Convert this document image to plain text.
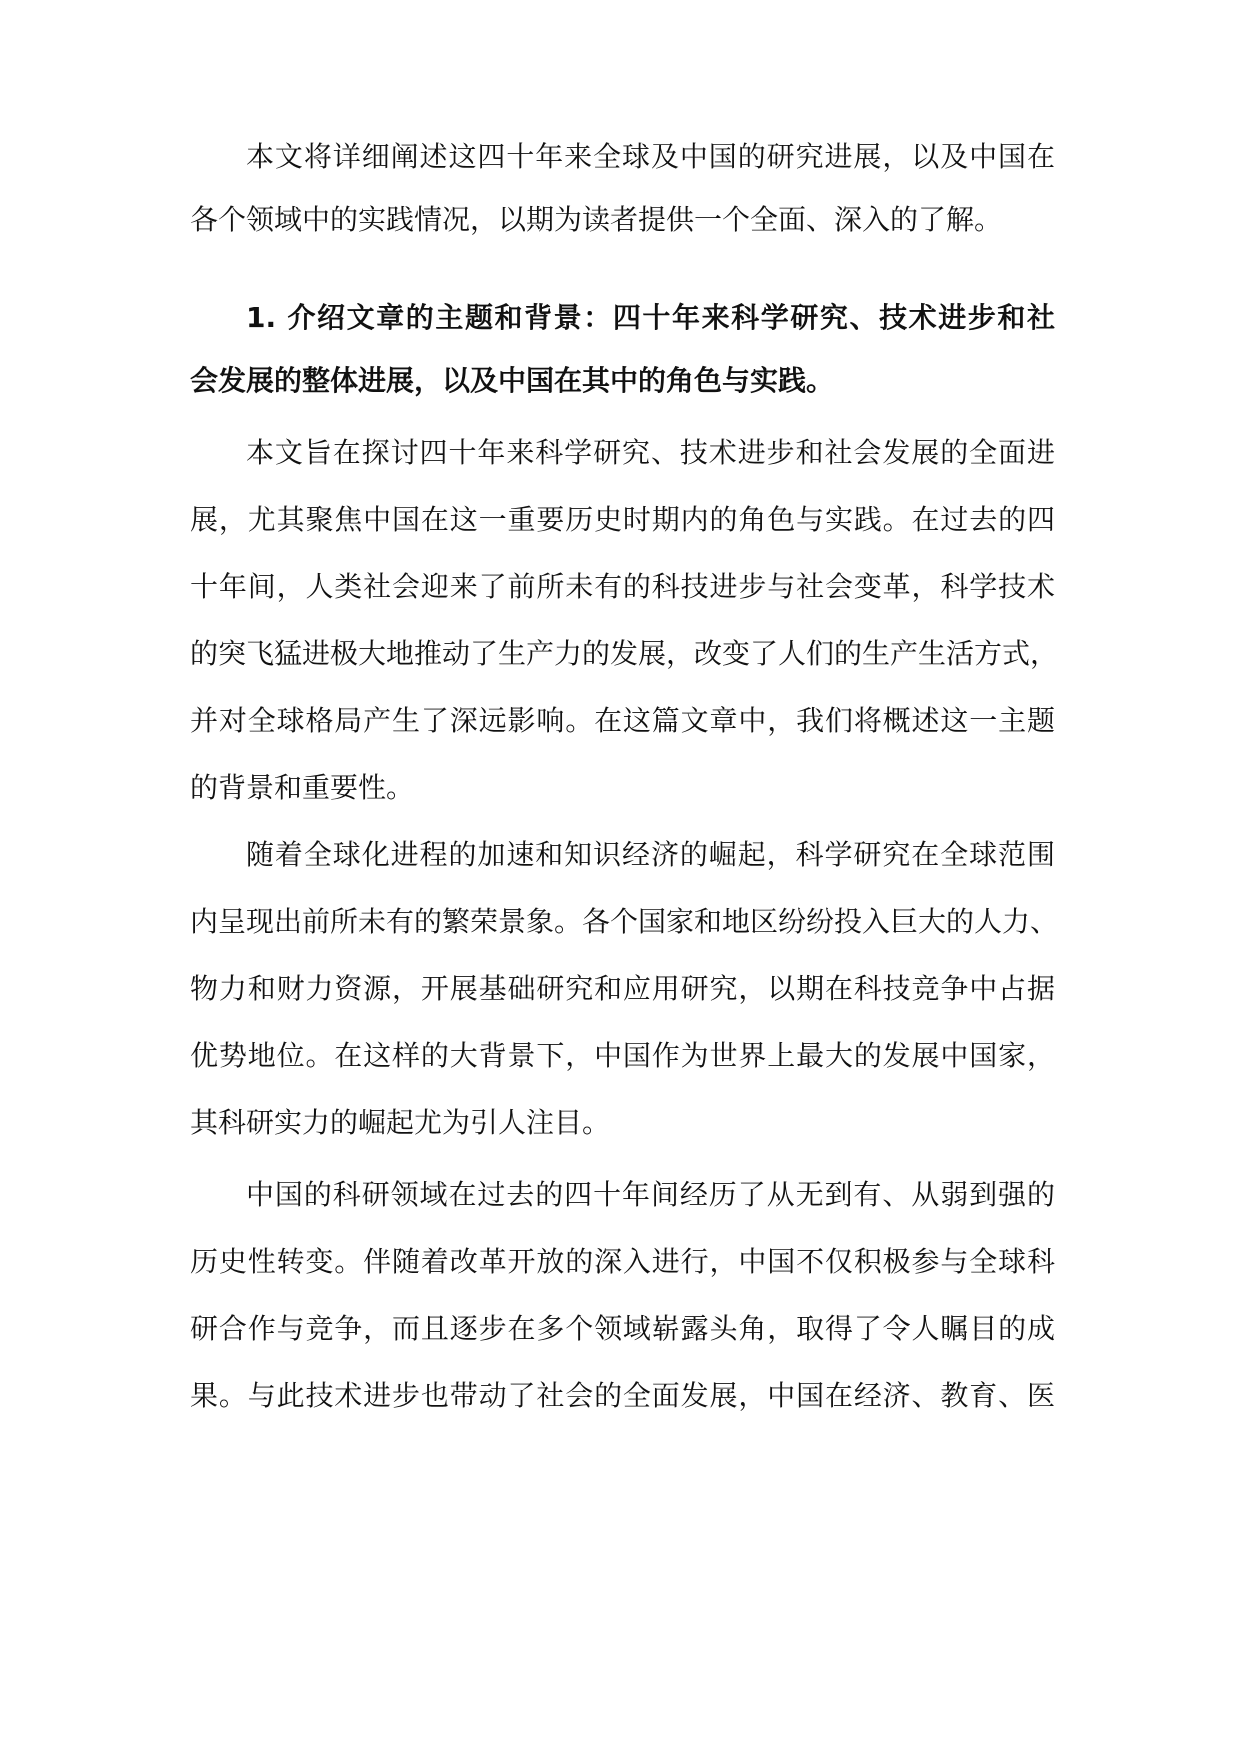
本文将详细阐述这四十年来全球及中国的研究进展，以及中国在
各个领域中的实践情况，以期为读者提供一个全面、深入的了解。
1. 介绍文章的主题和背景：四十年来科学研究、技术进步和社
会发展的整体进展，以及中国在其中的角色与实践。
本文旨在探讨四十年来科学研究、技术进步和社会发展的全面进
展，尤其聚焦中国在这一重要历史时期内的角色与实践。在过去的四
十年间，人类社会迎来了前所未有的科技进步与社会变革，科学技术
的突飞猛进极大地推动了生产力的发展，改变了人们的生产生活方式，
并对全球格局产生了深远影响。在这篇文章中，我们将概述这一主题
的背景和重要性。
随着全球化进程的加速和知识经济的崛起，科学研究在全球范围
内呈现出前所未有的繁荣景象。各个国家和地区纷纷投入巨大的人力、
物力和财力资源，开展基础研究和应用研究，以期在科技竞争中占据
优势地位。在这样的大背景下，中国作为世界上最大的发展中国家，
其科研实力的崛起尤为引人注目。
中国的科研领域在过去的四十年间经历了从无到有、从弱到强的
历史性转变。伴随着改革开放的深入进行，中国不仅积极参与全球科
研合作与竞争，而且逐步在多个领域崭露头角，取得了令人瞩目的成
果。与此技术进步也带动了社会的全面发展，中国在经济、教育、医
